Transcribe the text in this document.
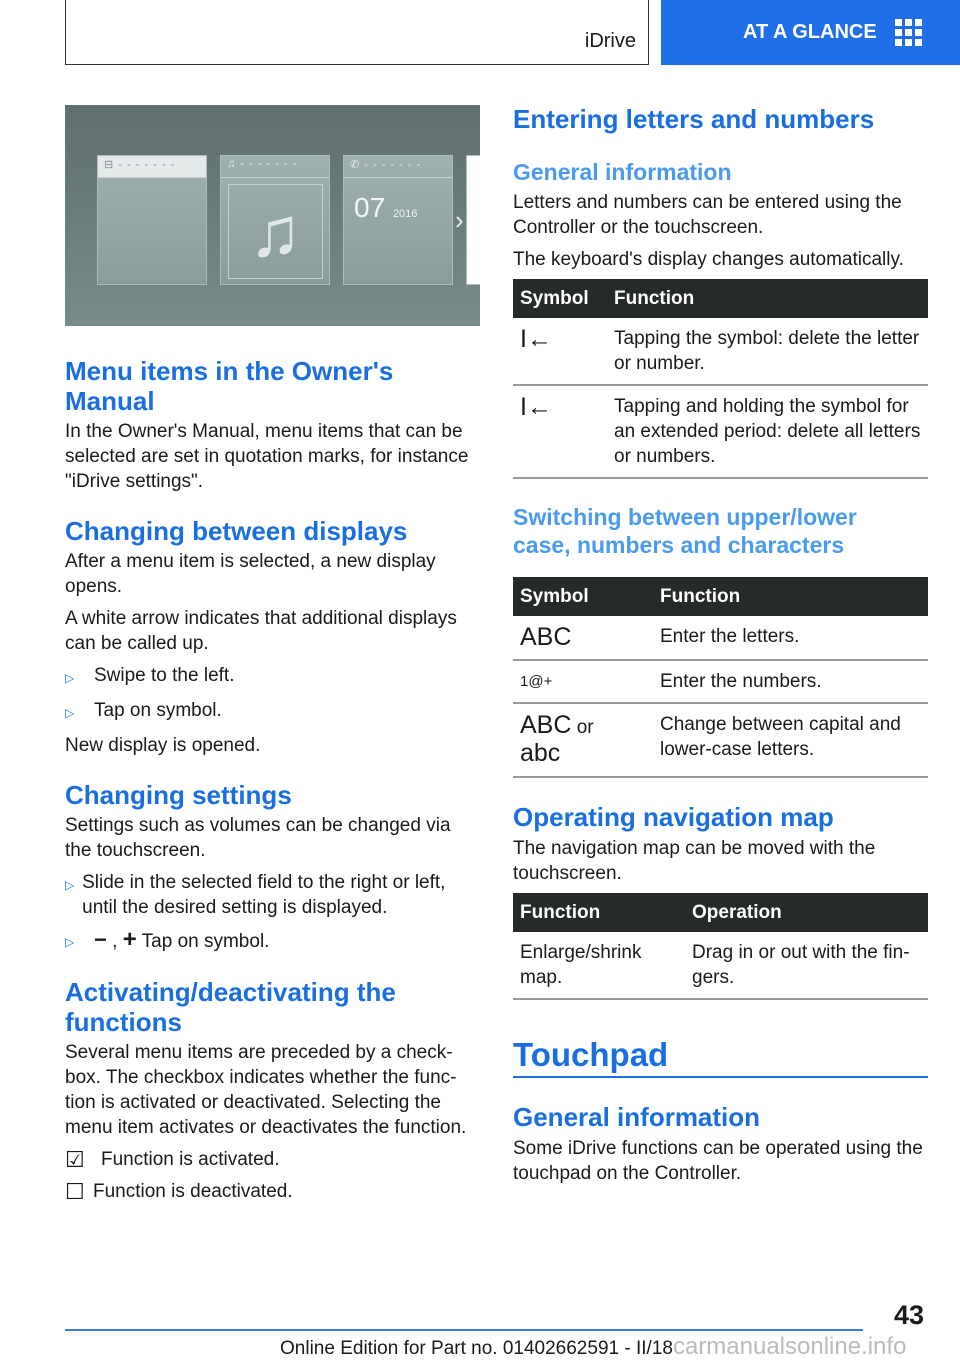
iDrive	AT A GLANCE
⊟ - - - - - - -	♫ - - - - - - -
♫
✆ - - - - - - -
07 2016	›
Menu items in the Owner's Manual

In the Owner's Manual, menu items that can be selected are set in quotation marks, for instance "iDrive settings".

Changing between displays

After a menu item is selected, a new display opens.

A white arrow indicates that additional displays can be called up.

▷	Swipe to the left.
▷	Tap on symbol.

New display is opened.

Changing settings

Settings such as volumes can be changed via the touchscreen.

▷ Slide in the selected field to the right or left, until the desired setting is displayed.
▷ − , + Tap on symbol.
Activating/deactivating the functions

Several menu items are preceded by a check-box. The checkbox indicates whether the func-tion is activated or deactivated. Selecting the menu item activates or deactivates the function.

☑ Function is activated.
☐ Function is deactivated.
Entering letters and numbers
General information

Letters and numbers can be entered using the Controller or the touchscreen.

The keyboard's display changes automatically.

Symbol	Function
I←	Tapping the symbol: delete the letter or number.
I←	Tapping and holding the symbol for an extended period: delete all letters or numbers.
Switching between upper/lower case, numbers and characters
Symbol	Function
ABC	Enter the letters.
1@+	Enter the numbers.
ABC or
abc	Change between capital and lower-case letters.
Operating navigation map

The navigation map can be moved with the touchscreen.

Function	Operation
Enlarge/shrink map.	Drag in or out with the fin-gers.
Touchpad
General information

Some iDrive functions can be operated using the touchpad on the Controller.

43
Online Edition for Part no. 01402662591 - II/18carmanualsonline.info
